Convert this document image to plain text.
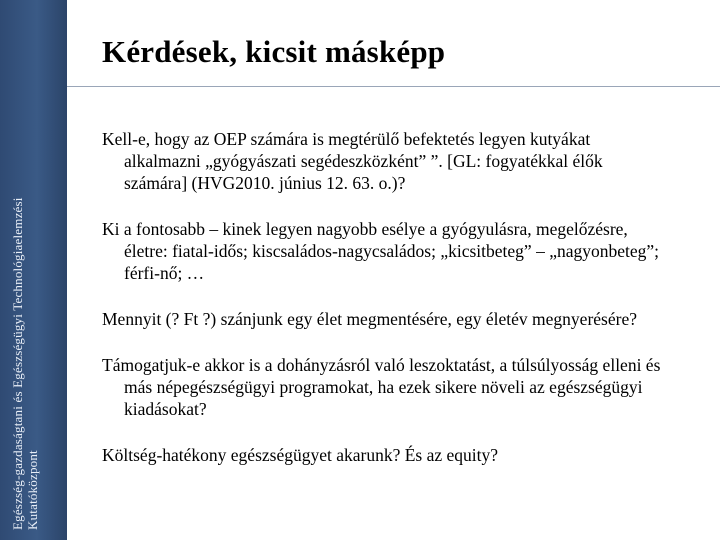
Egészség-gazdaságtani és Egészségügyi Technológiaelemzési Kutatóközpont
Kérdések, kicsit másképp
Kell-e, hogy az OEP számára is megtérülő befektetés legyen kutyákat alkalmazni „gyógyászati segédeszközként” ”. [GL: fogyatékkal élők számára] (HVG2010. június 12. 63. o.)?
Ki a fontosabb – kinek legyen nagyobb esélye a gyógyulásra, megelőzésre, életre: fiatal-idős; kiscsaládos-nagycsaládos; „kicsitbeteg” – „nagyonbeteg”; férfi-nő; …
Mennyit (? Ft ?) szánjunk egy élet megmentésére, egy életév megnyerésére?
Támogatjuk-e akkor is a dohányzásról való leszoktatást, a túlsúlyosság elleni és más népegészségügyi programokat, ha ezek sikere növeli az egészségügyi kiadásokat?
Költség-hatékony egészségügyet akarunk? És az equity?
